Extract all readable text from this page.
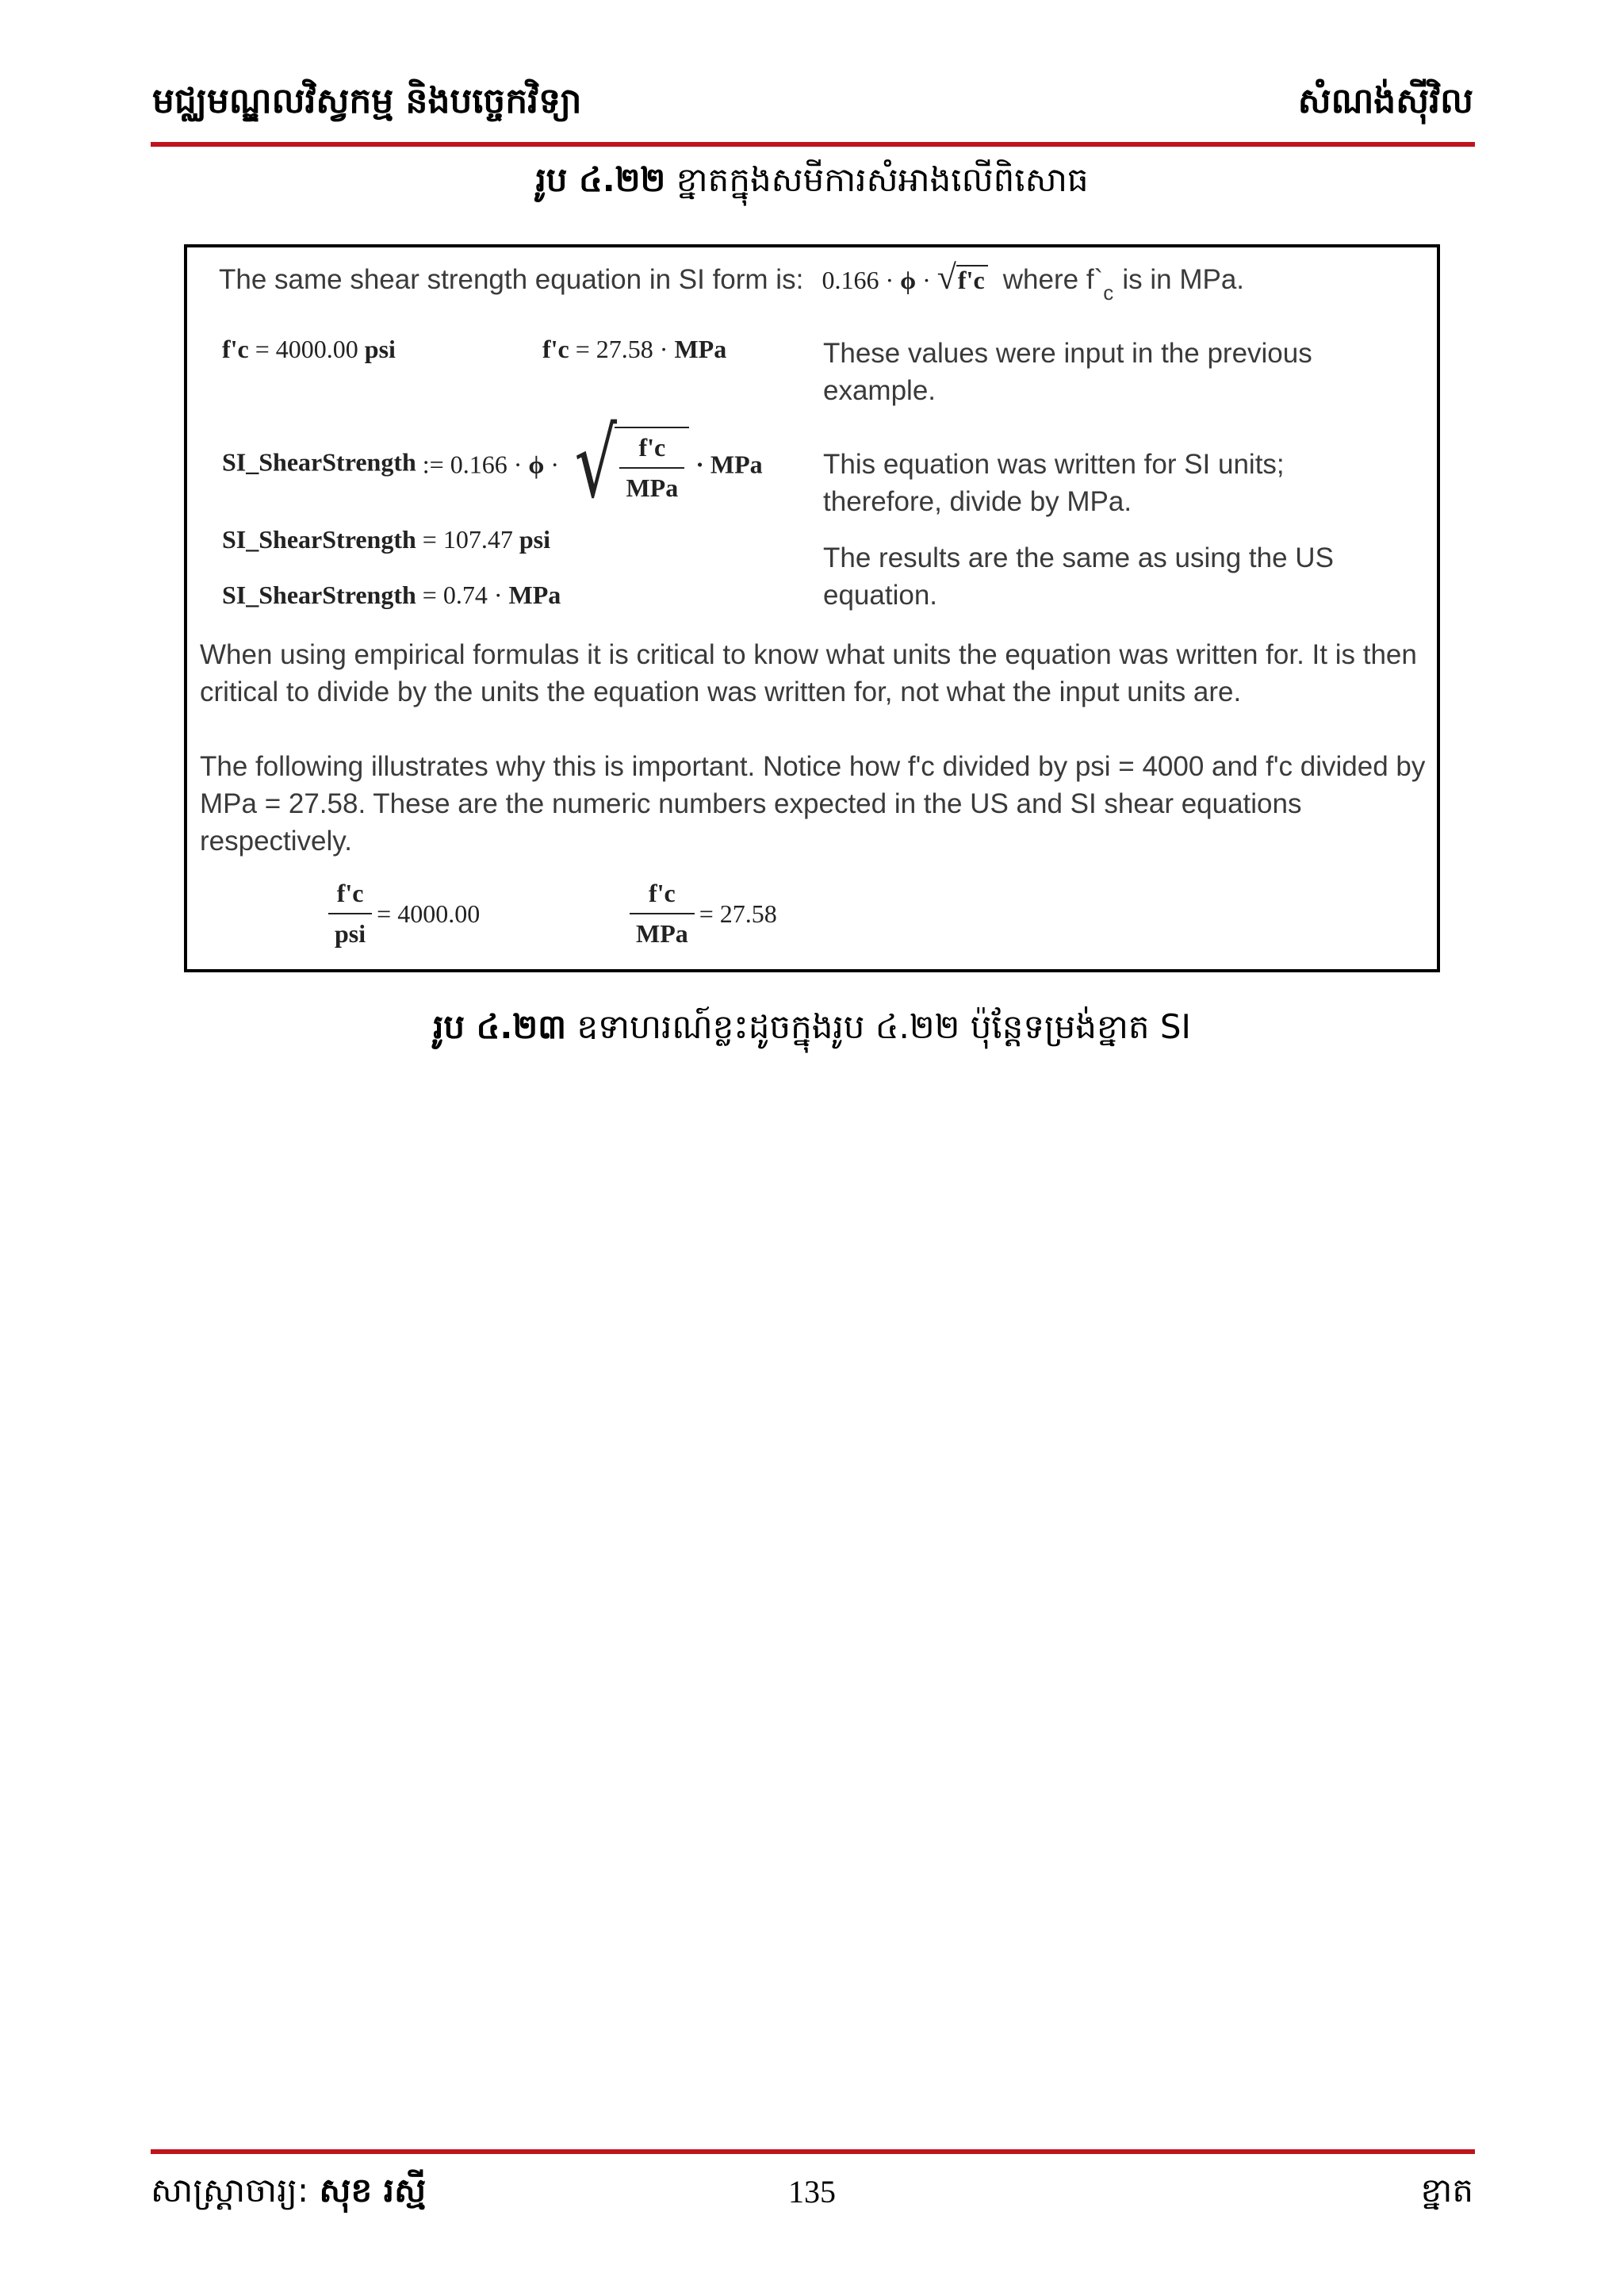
មជ្ឈមណ្ឌលវិស្វកម្ម និងបច្ចេកវិទ្យា	សំណង់ស៊ីវិល
រូប ៤.២២ ខ្នាតក្នុងសមីការសំអាងលើពិសោធ
The same shear strength equation in SI form is: 0.166 · ϕ · √f'c where $f`_c$ is in MPa.
f'c = 4000.00 psi	f'c = 27.58 · MPa	These values were input in the previous example.
SI_ShearStrength := 0.166 · ϕ · √ $\frac{f'c}{\text{MPa}}$ · MPa This equation was written for SI units; therefore, divide by MPa.
SI_ShearStrength = 107.47 psi
SI_ShearStrength = 0.74 · MPa
The results are the same as using the US equation.
When using empirical formulas it is critical to know what units the equation was written for. It is then critical to divide by the units the equation was written for, not what the input units are.
The following illustrates why this is important. Notice how f'c divided by psi = 4000 and f'c divided by MPa = 27.58. These are the numeric numbers expected in the US and SI shear equations respectively.
$\frac{f'c}{\text{psi}} = 4000.00$	$\frac{f'c}{\text{MPa}} = 27.58$
រូប ៤.២៣ ឧទាហរណ៍ខ្លះដូចក្នុងរូប ៤.២២ ប៉ុន្តែទម្រង់ខ្នាត SI
សាស្ត្រាចារ្យ: សុខ រស្មី	135	ខ្នាត
